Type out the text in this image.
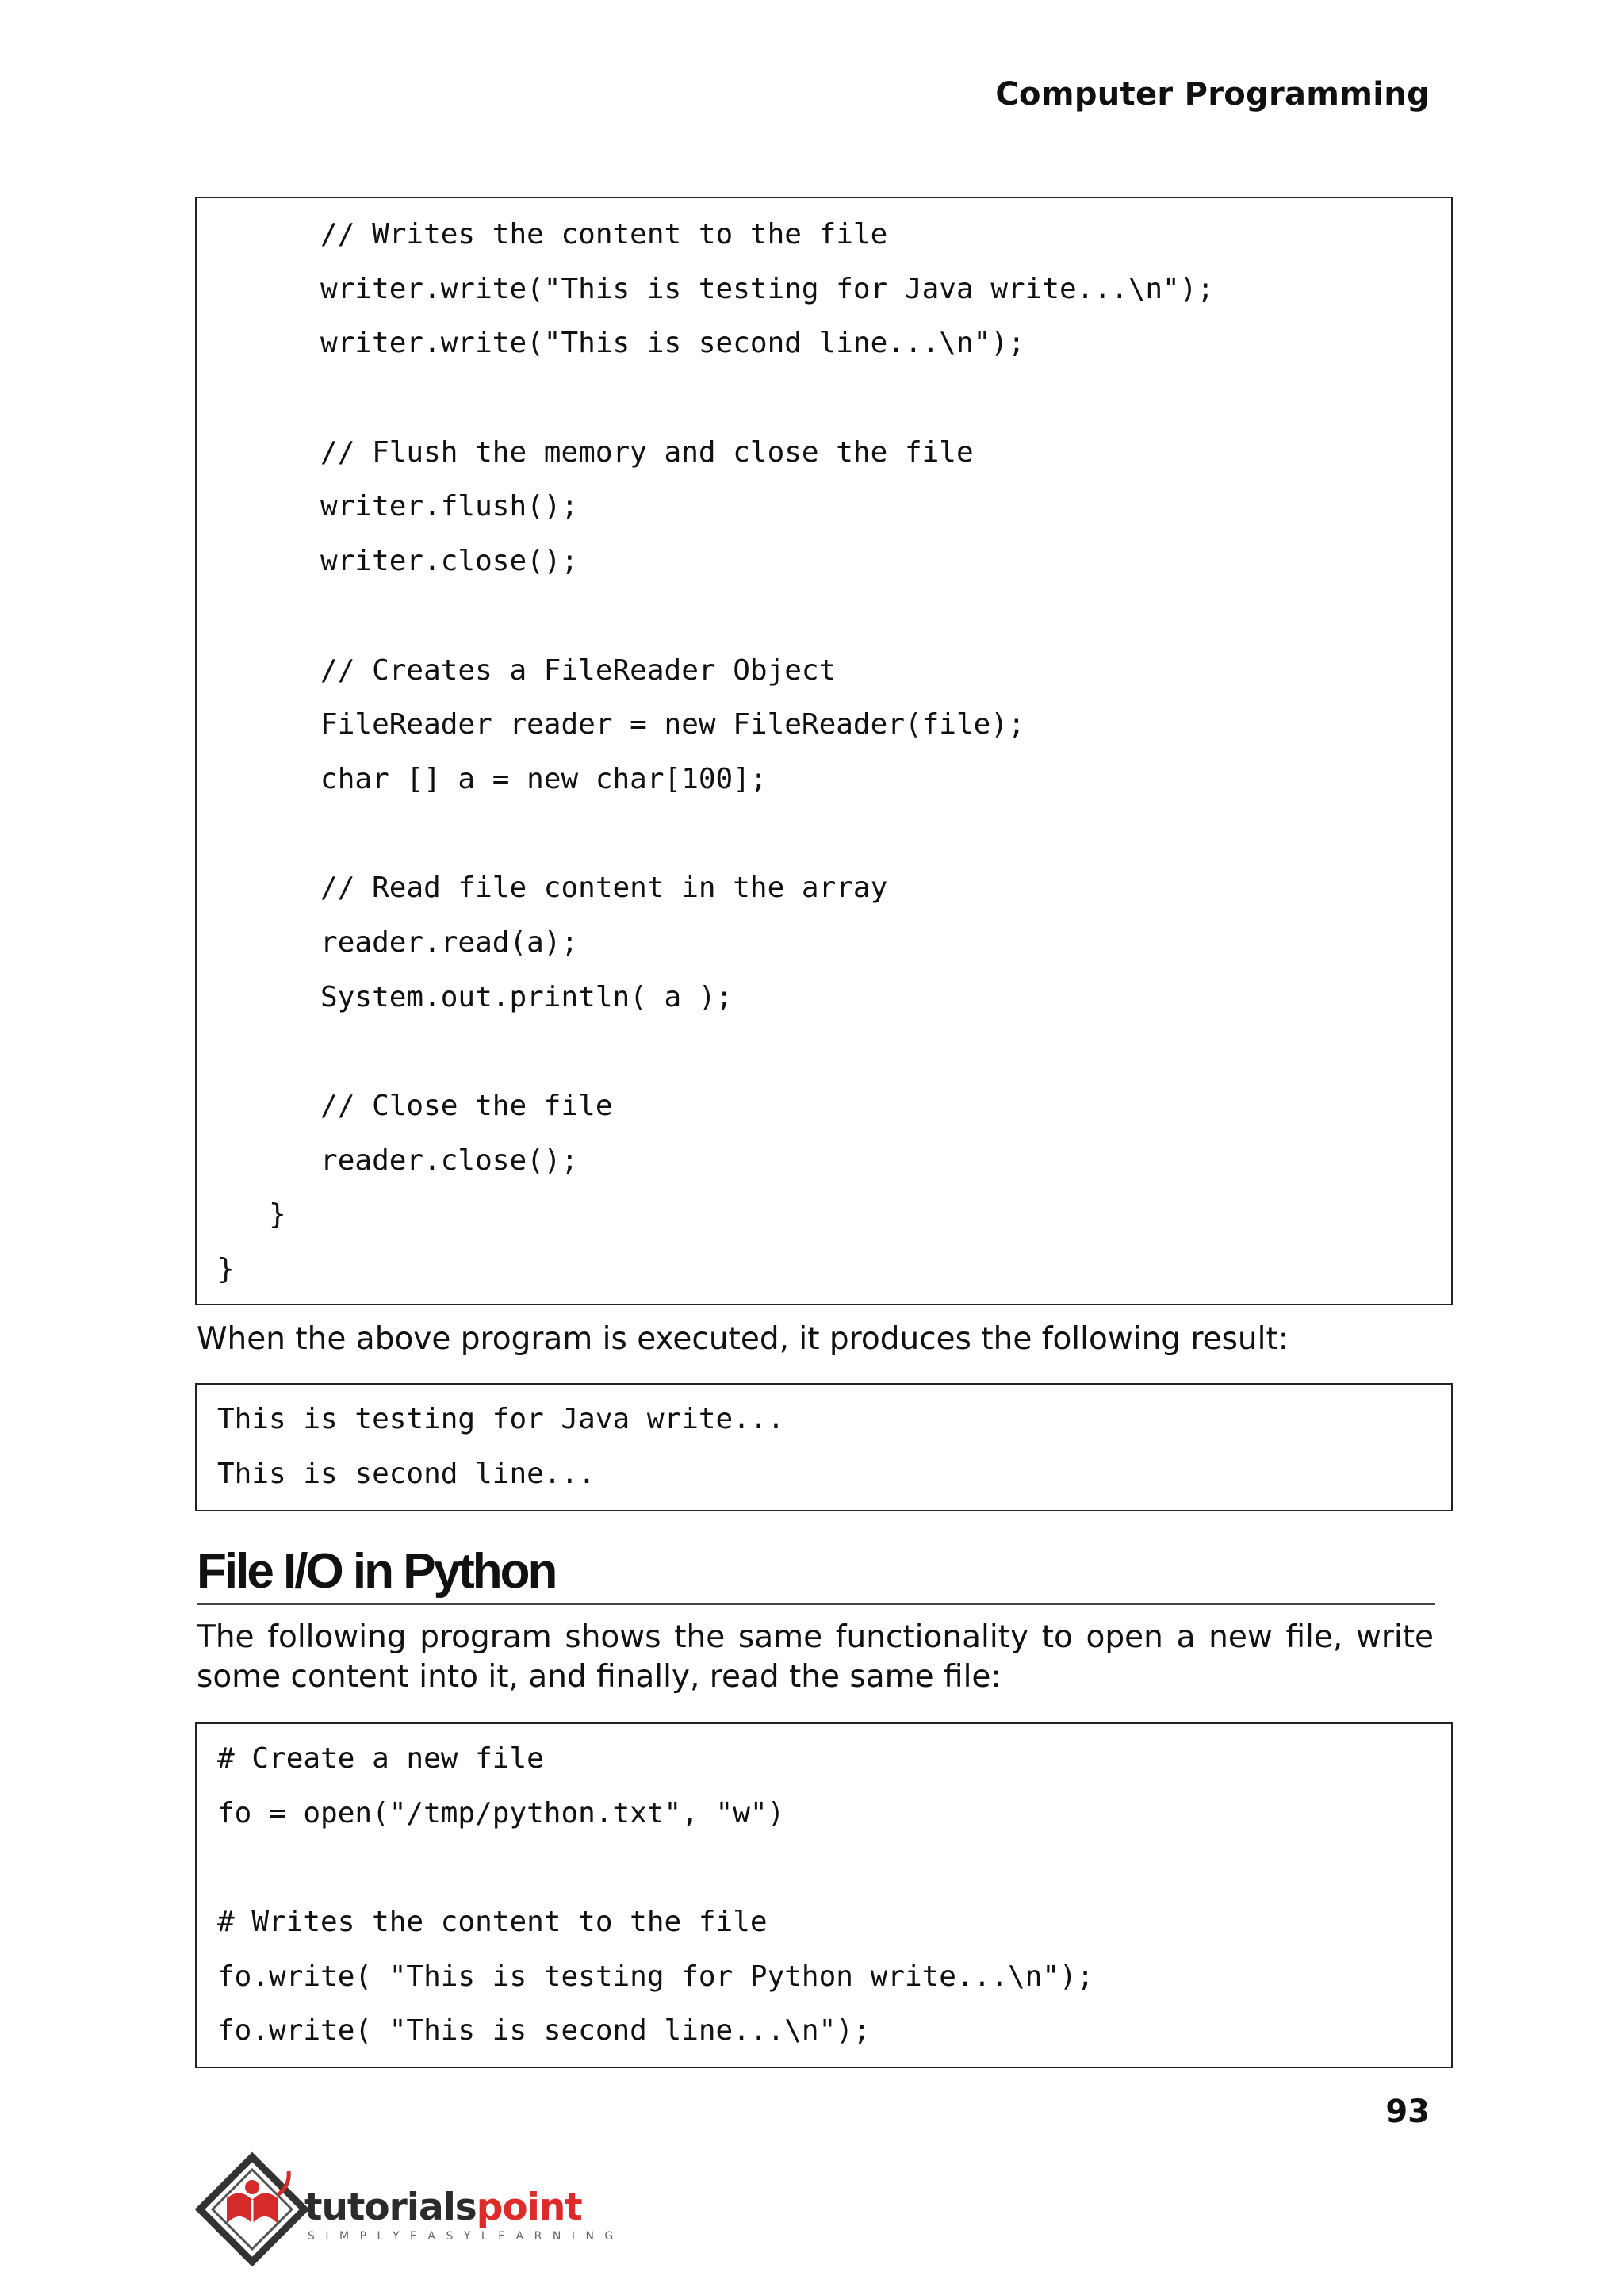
Computer Programming
// Writes the content to the file
writer.write("This is testing for Java write...\n");
writer.write("This is second line...\n");
// Flush the memory and close the file
writer.flush();
writer.close();
// Creates a FileReader Object
FileReader reader = new FileReader(file);
char [] a = new char[100];
// Read file content in the array
reader.read(a);
System.out.println( a );
// Close the file
reader.close();
}
}
When the above program is executed, it produces the following result:
This is testing for Java write...
This is second line...
File I/O in Python
The following program shows the same functionality to open a new file, write some content into it, and finally, read the same file:
# Create a new file
fo = open("/tmp/python.txt", "w")
# Writes the content to the file
fo.write( "This is testing for Python write...\n");
fo.write( "This is second line...\n");
93
tutorialspoint
SIMPLYEASYLEARNING
